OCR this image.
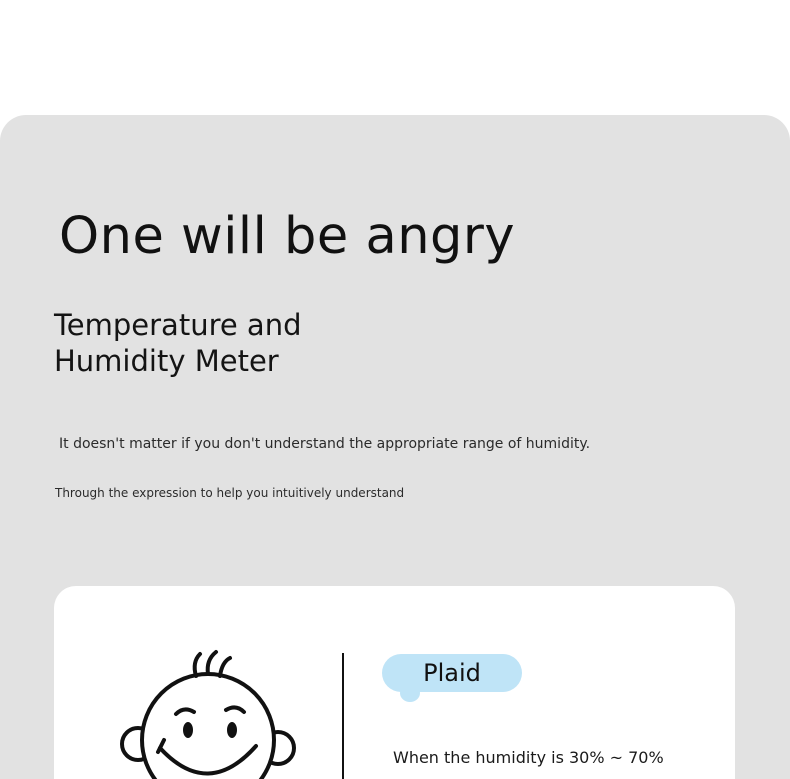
One will be angry
Temperature and Humidity Meter
It doesn't matter if you don't understand the appropriate range of humidity.
Through the expression to help you intuitively understand
Plaid
When the humidity is 30% ~ 70%
